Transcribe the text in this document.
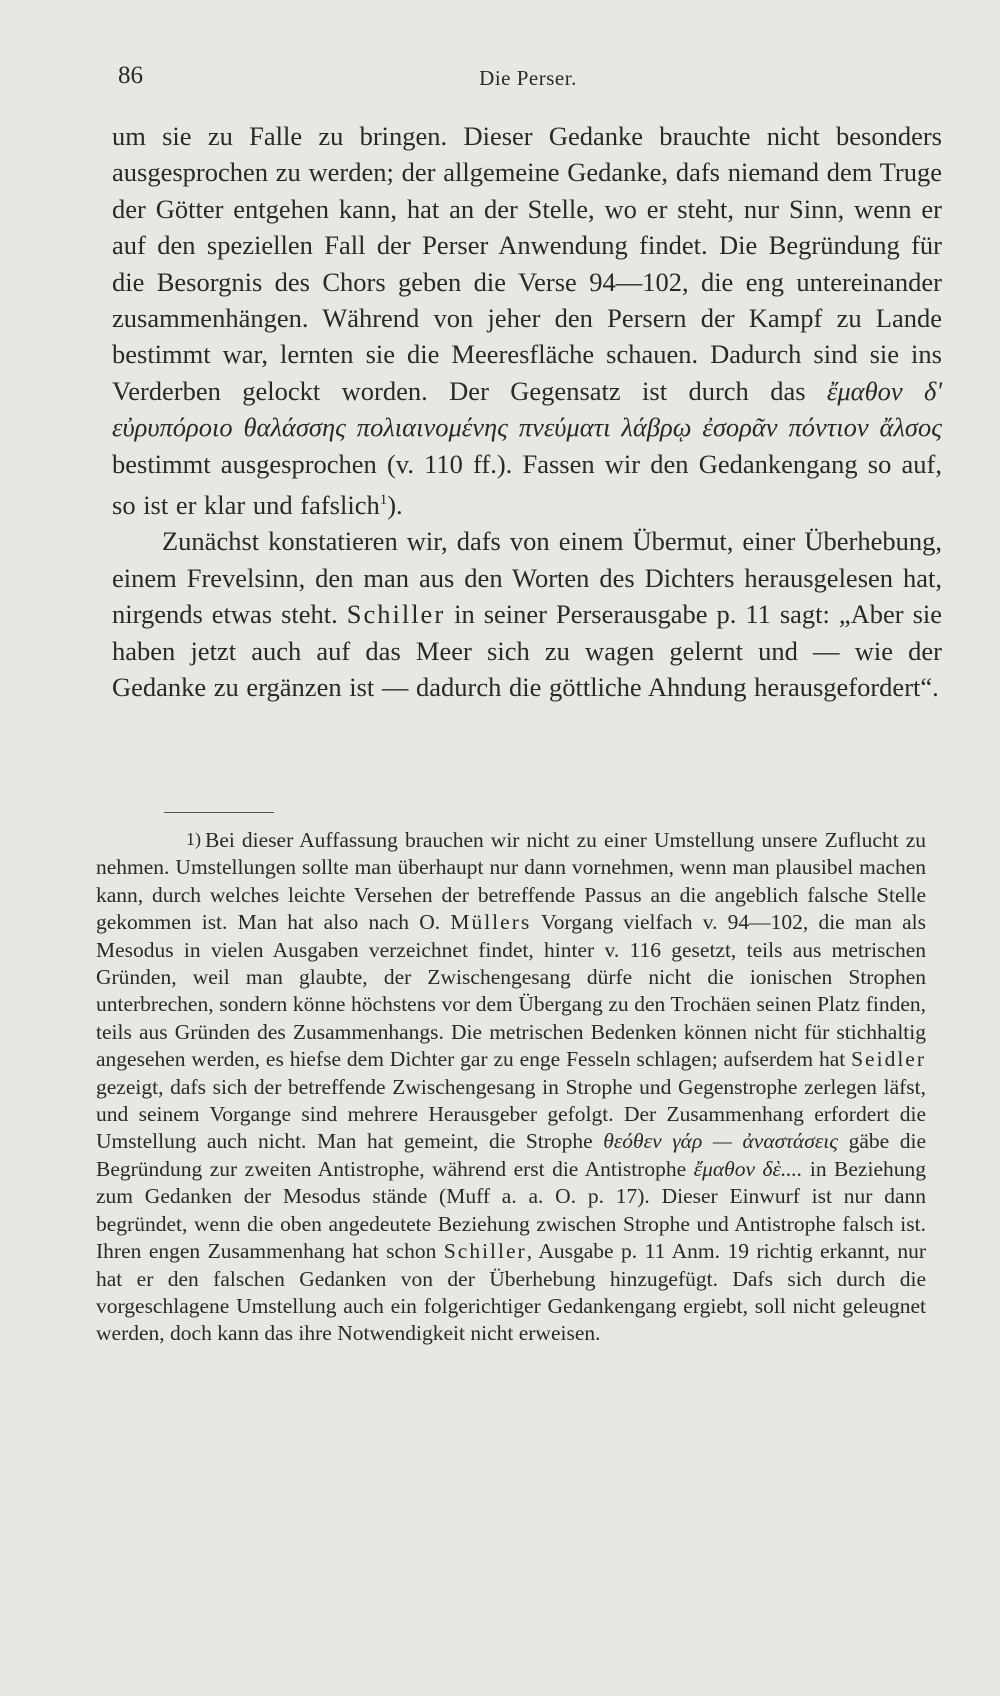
86	Die Perser.

um sie zu Falle zu bringen. Dieser Gedanke brauchte nicht besonders ausgesprochen zu werden; der allgemeine Gedanke, dafs niemand dem Truge der Götter entgehen kann, hat an der Stelle, wo er steht, nur Sinn, wenn er auf den speziellen Fall der Perser Anwendung findet. Die Begründung für die Besorgnis des Chors geben die Verse 94—102, die eng untereinander zusammenhängen. Während von jeher den Persern der Kampf zu Lande bestimmt war, lernten sie die Meeresfläche schauen. Dadurch sind sie ins Verderben gelockt worden. Der Gegensatz ist durch das ἔμαθον δ' εὐρυπόροιο θαλάσσης πολιαινομένης πνεύματι λάβρῳ ἐσορᾶν πόντιον ἄλσος bestimmt ausgesprochen (v. 110 ff.). Fassen wir den Gedankengang so auf, so ist er klar und fafslich$^1$).

Zunächst konstatieren wir, dafs von einem Übermut, einer Überhebung, einem Frevelsinn, den man aus den Worten des Dichters herausgelesen hat, nirgends etwas steht. Schiller in seiner Perserausgabe p. 11 sagt: „Aber sie haben jetzt auch auf das Meer sich zu wagen gelernt und — wie der Gedanke zu ergänzen ist — dadurch die göttliche Ahndung herausgefordert“.

1) Bei dieser Auffassung brauchen wir nicht zu einer Umstellung unsere Zuflucht zu nehmen. Umstellungen sollte man überhaupt nur dann vornehmen, wenn man plausibel machen kann, durch welches leichte Versehen der betreffende Passus an die angeblich falsche Stelle gekommen ist. Man hat also nach O. Müllers Vorgang vielfach v. 94—102, die man als Mesodus in vielen Ausgaben verzeichnet findet, hinter v. 116 gesetzt, teils aus metrischen Gründen, weil man glaubte, der Zwischengesang dürfe nicht die ionischen Strophen unterbrechen, sondern könne höchstens vor dem Übergang zu den Trochäen seinen Platz finden, teils aus Gründen des Zusammenhangs. Die metrischen Bedenken können nicht für stichhaltig angesehen werden, es hiefse dem Dichter gar zu enge Fesseln schlagen; aufserdem hat Seidler gezeigt, dafs sich der betreffende Zwischengesang in Strophe und Gegenstrophe zerlegen läfst, und seinem Vorgange sind mehrere Herausgeber gefolgt. Der Zusammenhang erfordert die Umstellung auch nicht. Man hat gemeint, die Strophe θεόθεν γάρ — ἀναστάσεις gäbe die Begründung zur zweiten Antistrophe, während erst die Antistrophe ἔμαθον δὲ.... in Beziehung zum Gedanken der Mesodus stände (Muff a. a. O. p. 17). Dieser Einwurf ist nur dann begründet, wenn die oben angedeutete Beziehung zwischen Strophe und Antistrophe falsch ist. Ihren engen Zusammenhang hat schon Schiller, Ausgabe p. 11 Anm. 19 richtig erkannt, nur hat er den falschen Gedanken von der Überhebung hinzugefügt. Dafs sich durch die vorgeschlagene Umstellung auch ein folgerichtiger Gedankengang ergiebt, soll nicht geleugnet werden, doch kann das ihre Notwendigkeit nicht erweisen.
